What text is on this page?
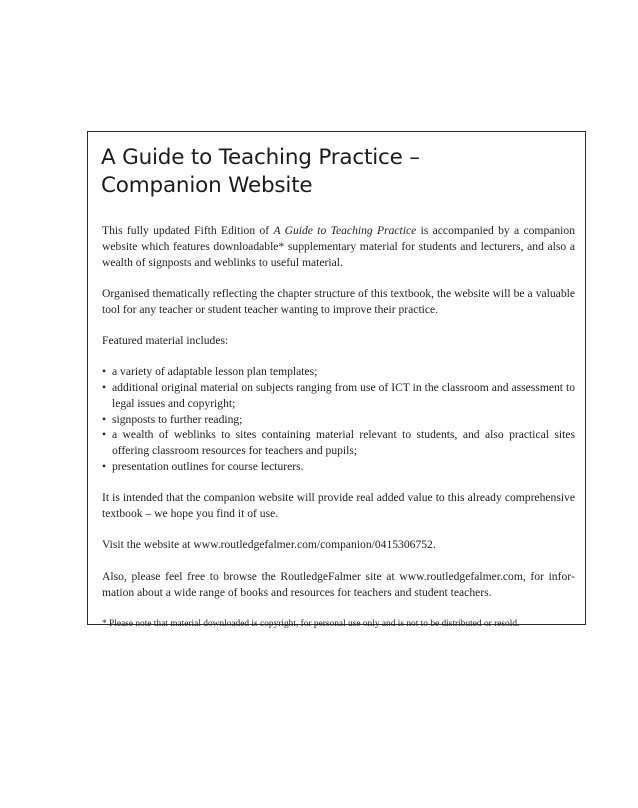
A Guide to Teaching Practice –
Companion Website

This fully updated Fifth Edition of A Guide to Teaching Practice is accompanied by a companion website which features downloadable* supplementary material for students and lecturers, and also a wealth of signposts and weblinks to useful material.

Organised thematically reflecting the chapter structure of this textbook, the website will be a valuable tool for any teacher or student teacher wanting to improve their practice.

Featured material includes:

• a variety of adaptable lesson plan templates;
• additional original material on subjects ranging from use of ICT in the classroom and assessment to legal issues and copyright;
• signposts to further reading;
• a wealth of weblinks to sites containing material relevant to students, and also practical sites offering classroom resources for teachers and pupils;
• presentation outlines for course lecturers.

It is intended that the companion website will provide real added value to this already comprehensive textbook – we hope you find it of use.

Visit the website at www.routledgefalmer.com/companion/0415306752.

Also, please feel free to browse the RoutledgeFalmer site at www.routledgefalmer.com, for information about a wide range of books and resources for teachers and student teachers.

* Please note that material downloaded is copyright, for personal use only and is not to be distributed or resold.
